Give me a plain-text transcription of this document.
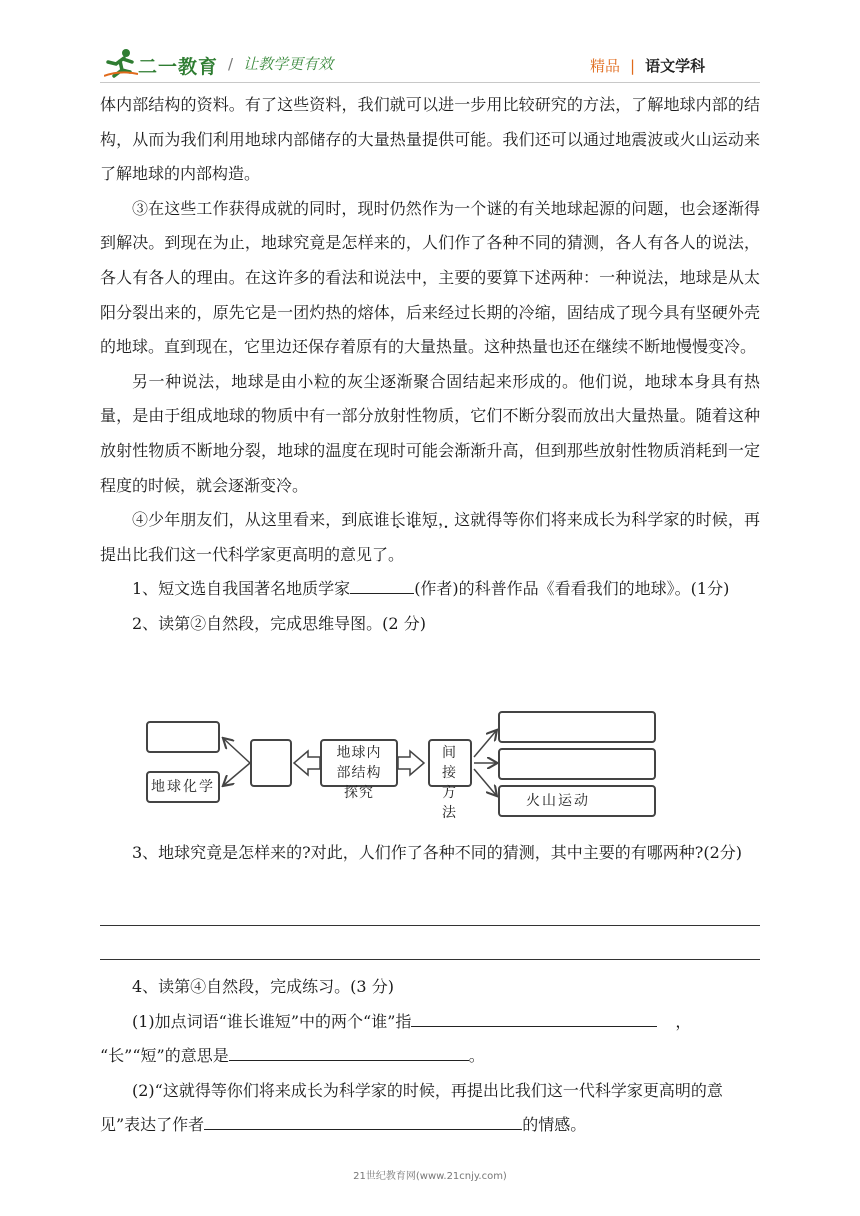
二一教育 / 让教学更有效	精品 | 语文学科

体内部结构的资料。有了这些资料，我们就可以进一步用比较研究的方法，了解地球内部的结构，从而为我们利用地球内部储存的大量热量提供可能。我们还可以通过地震波或火山运动来了解地球的内部构造。

③在这些工作获得成就的同时，现时仍然作为一个谜的有关地球起源的问题，也会逐渐得到解决。到现在为止，地球究竟是怎样来的，人们作了各种不同的猜测，各人有各人的说法，各人有各人的理由。在这许多的看法和说法中，主要的要算下述两种：一种说法，地球是从太阳分裂出来的，原先它是一团灼热的熔体，后来经过长期的冷缩，固结成了现今具有坚硬外壳的地球。直到现在，它里边还保存着原有的大量热量。这种热量也还在继续不断地慢慢变冷。

另一种说法，地球是由小粒的灰尘逐渐聚合固结起来形成的。他们说，地球本身具有热量，是由于组成地球的物质中有一部分放射性物质，它们不断分裂而放出大量热量。随着这种放射性物质不断地分裂，地球的温度在现时可能会渐渐升高，但到那些放射性物质消耗到一定程度的时候，就会逐渐变冷。

④少年朋友们，从这里看来，到底谁长谁短，这就得等你们将来成长为科学家的时候，再提出比我们这一代科学家更高明的意见了。

1、短文选自我国著名地质学家	(作者)的科普作品《看看我们的地球》。(1分)

2、读第②自然段，完成思维导图。(2 分)

地球化学
地球内部结构探究
间接方法
火山运动

3、地球究竟是怎样来的?对此，人们作了各种不同的猜测，其中主要的有哪两种?(2分)

4、读第④自然段，完成练习。(3 分)

(1)加点词语“谁长谁短”中的两个“谁”指	，

“长”“短”的意思是	。

(2)“这就得等你们将来成长为科学家的时候，再提出比我们这一代科学家更高明的意见”表达了作者	的情感。

21世纪教育网(www.21cnjy.com)
